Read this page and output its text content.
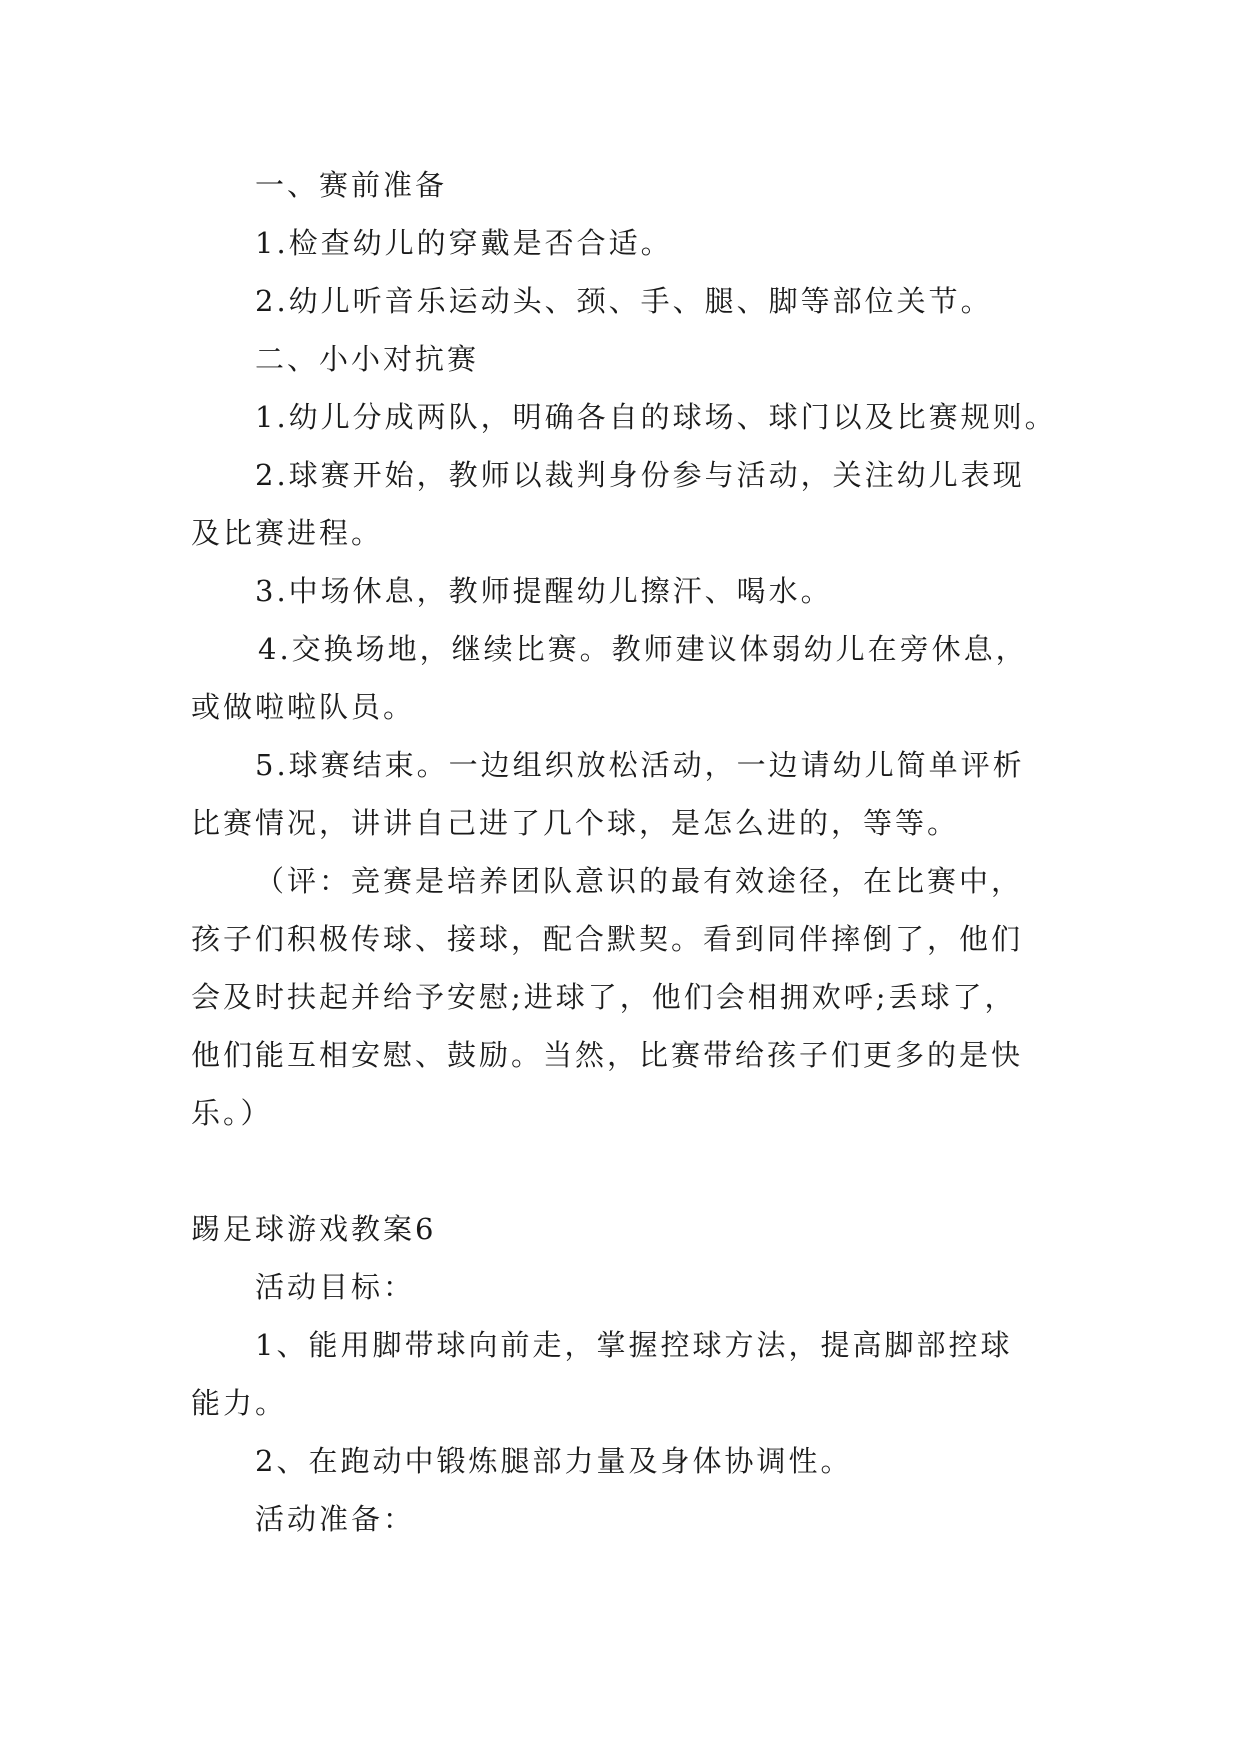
一、赛前准备
1.检查幼儿的穿戴是否合适。
2.幼儿听音乐运动头、颈、手、腿、脚等部位关节。
二、小小对抗赛
1.幼儿分成两队，明确各自的球场、球门以及比赛规则。
2.球赛开始，教师以裁判身份参与活动，关注幼儿表现
及比赛进程。
3.中场休息，教师提醒幼儿擦汗、喝水。
4.交换场地，继续比赛。教师建议体弱幼儿在旁休息，
或做啦啦队员。
5.球赛结束。一边组织放松活动，一边请幼儿简单评析
比赛情况，讲讲自己进了几个球，是怎么进的，等等。
（评：竞赛是培养团队意识的最有效途径，在比赛中，
孩子们积极传球、接球，配合默契。看到同伴摔倒了，他们
会及时扶起并给予安慰;进球了，他们会相拥欢呼;丢球了，
他们能互相安慰、鼓励。当然，比赛带给孩子们更多的是快
乐。）
踢足球游戏教案6
活动目标：
1、能用脚带球向前走，掌握控球方法，提高脚部控球
能力。
2、在跑动中锻炼腿部力量及身体协调性。
活动准备：
